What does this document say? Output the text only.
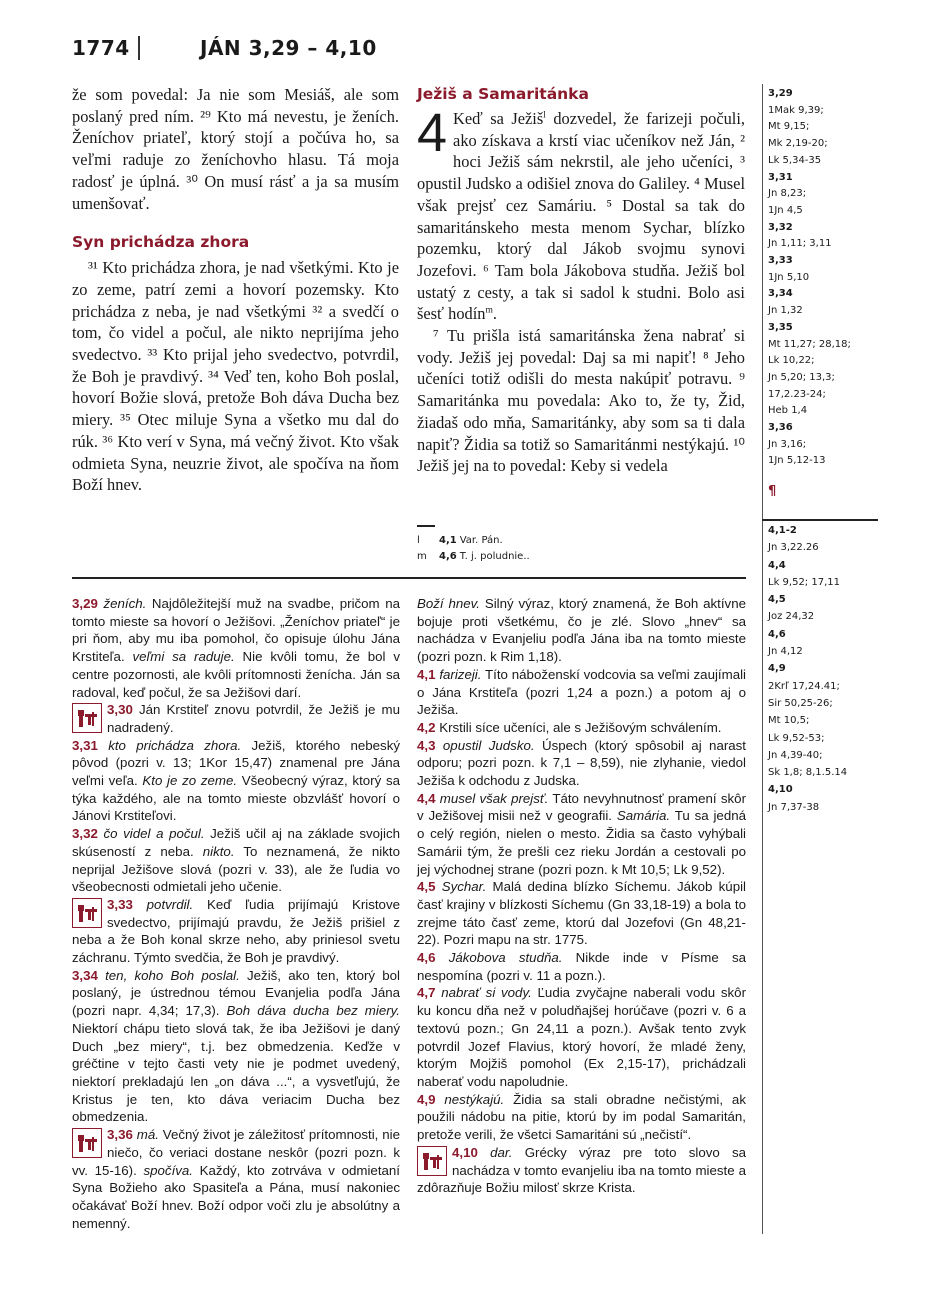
1774	JÁN 3,29 – 4,10

že som povedal: Ja nie som Mesiáš, ale som poslaný pred ním. ²⁹ Kto má nevestu, je ženích. Ženíchov priateľ, ktorý stojí a počúva ho, sa veľmi raduje zo ženíchovho hlasu. Tá moja radosť je úplná. ³⁰ On musí rásť a ja sa musím umenšovať.

Syn prichádza zhora

³¹ Kto prichádza zhora, je nad všetkými. Kto je zo zeme, patrí zemi a hovorí pozemsky. Kto prichádza z neba, je nad všetkými ³² a svedčí o tom, čo videl a počul, ale nikto neprijíma jeho svedectvo. ³³ Kto prijal jeho svedectvo, potvrdil, že Boh je pravdivý. ³⁴ Veď ten, koho Boh poslal, hovorí Božie slová, pretože Boh dáva Ducha bez miery. ³⁵ Otec miluje Syna a všetko mu dal do rúk. ³⁶ Kto verí v Syna, má večný život. Kto však odmieta Syna, neuzrie život, ale spočíva na ňom Boží hnev.

Ježiš a Samaritánka

4 Keď sa Ježiš$^l$ dozvedel, že farizeji počuli, ako získava a krstí viac učeníkov než Ján, ² hoci Ježiš sám nekrstil, ale jeho učeníci, ³ opustil Judsko a odišiel znova do Galiley. ⁴ Musel však prejsť cez Samáriu. ⁵ Dostal sa tak do samaritánskeho mesta menom Sychar, blízko pozemku, ktorý dal Jákob svojmu synovi Jozefovi. ⁶ Tam bola Jákobova studňa. Ježiš bol ustatý z cesty, a tak si sadol k studni. Bolo asi šesť hodín$^m$.

⁷ Tu prišla istá samaritánska žena nabrať si vody. Ježiš jej povedal: Daj sa mi napiť! ⁸ Jeho učeníci totiž odišli do mesta nakúpiť potravu. ⁹ Samaritánka mu povedala: Ako to, že ty, Žid, žiadaš odo mňa, Samaritánky, aby som sa ti dala napiť? Židia sa totiž so Samaritánmi nestýkajú. ¹⁰ Ježiš jej na to povedal: Keby si vedela

l	4,1 Var. Pán.
m	4,6 T. j. poludnie..
3,29
1Mak 9,39;
Mt 9,15;
Mk 2,19-20;
Lk 5,34-35
3,31
Jn 8,23;
1Jn 4,5
3,32
Jn 1,11; 3,11
3,33
1Jn 5,10
3,34
Jn 1,32
3,35
Mt 11,27; 28,18;
Lk 10,22;
Jn 5,20; 13,3;
17,2.23-24;
Heb 1,4
3,36
Jn 3,16;
1Jn 5,12-13
¶
4,1-2
Jn 3,22.26
4,4
Lk 9,52; 17,11
4,5
Joz 24,32
4,6
Jn 4,12
4,9
2Krľ 17,24.41;
Sir 50,25-26;
Mt 10,5;
Lk 9,52-53;
Jn 4,39-40;
Sk 1,8; 8,1.5.14
4,10
Jn 7,37-38

3,29 ženích. Najdôležitejší muž na svadbe, pričom na tomto mieste sa hovorí o Ježišovi. „Ženíchov priateľ“ je pri ňom, aby mu iba pomohol, čo opisuje úlohu Jána Krstiteľa. veľmi sa raduje. Nie kvôli tomu, že bol v centre pozornosti, ale kvôli prítomnosti ženícha. Ján sa radoval, keď počul, že sa Ježišovi darí.

3,30 Ján Krstiteľ znovu potvrdil, že Ježiš je mu nadradený.

3,31 kto prichádza zhora. Ježiš, ktorého nebeský pôvod (pozri v. 13; 1Kor 15,47) znamenal pre Jána veľmi veľa. Kto je zo zeme. Všeobecný výraz, ktorý sa týka každého, ale na tomto mieste obzvlášť hovorí o Jánovi Krstiteľovi.

3,32 čo videl a počul. Ježiš učil aj na základe svojich skúseností z neba. nikto. To neznamená, že nikto neprijal Ježišove slová (pozri v. 33), ale že ľudia vo všeobecnosti odmietali jeho učenie.

3,33 potvrdil. Keď ľudia prijímajú Kristove svedectvo, prijímajú pravdu, že Ježiš prišiel z neba a že Boh konal skrze neho, aby priniesol svetu záchranu. Týmto svedčia, že Boh je pravdivý.

3,34 ten, koho Boh poslal. Ježiš, ako ten, ktorý bol poslaný, je ústrednou témou Evanjelia podľa Jána (pozri napr. 4,34; 17,3). Boh dáva ducha bez miery. Niektorí chápu tieto slová tak, že iba Ježišovi je daný Duch „bez miery“, t.j. bez obmedzenia. Keďže v gréčtine v tejto časti vety nie je podmet uvedený, niektorí prekladajú len „on dáva ...“, a vysvetľujú, že Kristus je ten, kto dáva veriacim Ducha bez obmedzenia.

3,36 má. Večný život je záležitosť prítomnosti, nie niečo, čo veriaci dostane neskôr (pozri pozn. k vv. 15-16). spočíva. Každý, kto zotrváva v odmietaní Syna Božieho ako Spasiteľa a Pána, musí nakoniec očakávať Boží hnev. Boží odpor voči zlu je absolútny a nemenný.

Boží hnev. Silný výraz, ktorý znamená, že Boh aktívne bojuje proti všetkému, čo je zlé. Slovo „hnev“ sa nachádza v Evanjeliu podľa Jána iba na tomto mieste (pozri pozn. k Rim 1,18).

4,1 farizeji. Títo náboženskí vodcovia sa veľmi zaujímali o Jána Krstiteľa (pozri 1,24 a pozn.) a potom aj o Ježiša.

4,2 Krstili síce učeníci, ale s Ježišovým schválením.

4,3 opustil Judsko. Úspech (ktorý spôsobil aj narast odporu; pozri pozn. k 7,1 – 8,59), nie zlyhanie, viedol Ježiša k odchodu z Judska.

4,4 musel však prejsť. Táto nevyhnutnosť pramení skôr v Ježišovej misii než v geografii. Samária. Tu sa jedná o celý región, nielen o mesto. Židia sa často vyhýbali Samárii tým, že prešli cez rieku Jordán a cestovali po jej východnej strane (pozri pozn. k Mt 10,5; Lk 9,52).

4,5 Sychar. Malá dedina blízko Síchemu. Jákob kúpil časť krajiny v blízkosti Síchemu (Gn 33,18-19) a bola to zrejme táto časť zeme, ktorú dal Jozefovi (Gn 48,21-22). Pozri mapu na str. 1775.

4,6 Jákobova studňa. Nikde inde v Písme sa nespomína (pozri v. 11 a pozn.).

4,7 nabrať si vody. Ľudia zvyčajne naberali vodu skôr ku koncu dňa než v poludňajšej horúčave (pozri v. 6 a textovú pozn.; Gn 24,11 a pozn.). Avšak tento zvyk potvrdil Jozef Flavius, ktorý hovorí, že mladé ženy, ktorým Mojžiš pomohol (Ex 2,15-17), prichádzali naberať vodu napoludnie.

4,9 nestýkajú. Židia sa stali obradne nečistými, ak použili nádobu na pitie, ktorú by im podal Samaritán, pretože verili, že všetci Samaritáni sú „nečistí“.

4,10 dar. Grécky výraz pre toto slovo sa nachádza v tomto evanjeliu iba na tomto mieste a zdôrazňuje Božiu milosť skrze Krista.
